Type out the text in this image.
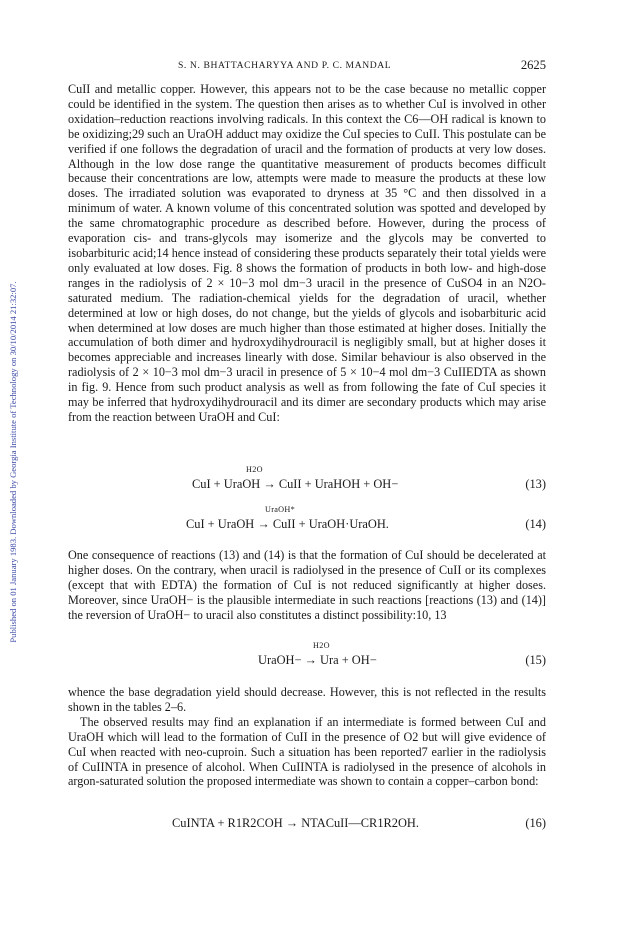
Published on 01 January 1983. Downloaded by Georgia Institute of Technology on 30/10/2014 21:32:07.
S. N. BHATTACHARYYA AND P. C. MANDAL	2625

CuII and metallic copper. However, this appears not to be the case because no metallic copper could be identified in the system. The question then arises as to whether CuI is involved in other oxidation–reduction reactions involving radicals. In this context the C6—OH radical is known to be oxidizing;29 such an UraOH adduct may oxidize the CuI species to CuII. This postulate can be verified if one follows the degradation of uracil and the formation of products at very low doses. Although in the low dose range the quantitative measurement of products becomes difficult because their concentrations are low, attempts were made to measure the products at these low doses. The irradiated solution was evaporated to dryness at 35 °C and then dissolved in a minimum of water. A known volume of this concentrated solution was spotted and developed by the same chromatographic procedure as described before. However, during the process of evaporation cis- and trans-glycols may isomerize and the glycols may be converted to isobarbituric acid;14 hence instead of considering these products separately their total yields were only evaluated at low doses. Fig. 8 shows the formation of products in both low- and high-dose ranges in the radiolysis of 2 × 10−3 mol dm−3 uracil in the presence of CuSO4 in an N2O-saturated medium. The radiation-chemical yields for the degradation of uracil, whether determined at low or high doses, do not change, but the yields of glycols and isobarbituric acid when determined at low doses are much higher than those estimated at higher doses. Initially the accumulation of both dimer and hydroxydihydrouracil is negligibly small, but at higher doses it becomes appreciable and increases linearly with dose. Similar behaviour is also observed in the radiolysis of 2 × 10−3 mol dm−3 uracil in presence of 5 × 10−4 mol dm−3 CuIIEDTA as shown in fig. 9. Hence from such product analysis as well as from following the fate of CuI species it may be inferred that hydroxydihydrouracil and its dimer are secondary products which may arise from the reaction between UraOH and CuI:

H2O
CuI + UraOH → CuII + UraHOH + OH−	(13)
UraOH*
CuI + UraOH → CuII + UraOH·UraOH.	(14)

One consequence of reactions (13) and (14) is that the formation of CuI should be decelerated at higher doses. On the contrary, when uracil is radiolysed in the presence of CuII or its complexes (except that with EDTA) the formation of CuI is not reduced significantly at higher doses. Moreover, since UraOH− is the plausible intermediate in such reactions [reactions (13) and (14)] the reversion of UraOH− to uracil also constitutes a distinct possibility:10, 13

H2O
UraOH− → Ura + OH−	(15)

whence the base degradation yield should decrease. However, this is not reflected in the results shown in the tables 2–6.

The observed results may find an explanation if an intermediate is formed between CuI and UraOH which will lead to the formation of CuII in the presence of O2 but will give evidence of CuI when reacted with neo-cuproin. Such a situation has been reported7 earlier in the radiolysis of CuIINTA in presence of alcohol. When CuIINTA is radiolysed in the presence of alcohols in argon-saturated solution the proposed intermediate was shown to contain a copper–carbon bond:

CuINTA + R1R2COH → NTACuII—CR1R2OH.	(16)
